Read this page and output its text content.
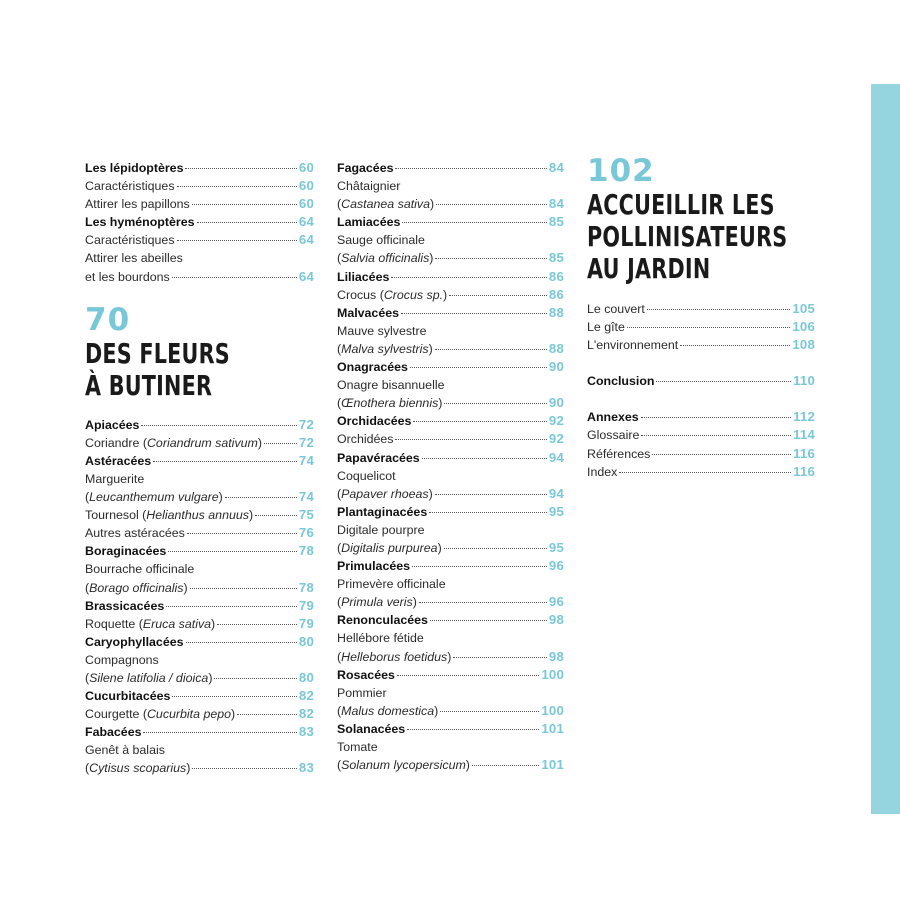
Les lépidoptères	60
Caractéristiques	60
Attirer les papillons	60
Les hyménoptères	64
Caractéristiques	64
Attirer les abeilles
et les bourdons	64
70
DES FLEURS
À BUTINER
Apiacées	72
Coriandre (Coriandrum sativum)	72
Astéracées	74
Marguerite
(Leucanthemum vulgare)	74
Tournesol (Helianthus annuus)	75
Autres astéracées	76
Boraginacées	78
Bourrache officinale
(Borago officinalis)	78
Brassicacées	79
Roquette (Eruca sativa)	79
Caryophyllacées	80
Compagnons
(Silene latifolia / dioica)	80
Cucurbitacées	82
Courgette (Cucurbita pepo)	82
Fabacées	83
Genêt à balais
(Cytisus scoparius)	83
Fagacées	84
Châtaignier
(Castanea sativa)	84
Lamiacées	85
Sauge officinale
(Salvia officinalis)	85
Liliacées	86
Crocus (Crocus sp.)	86
Malvacées	88
Mauve sylvestre
(Malva sylvestris)	88
Onagracées	90
Onagre bisannuelle
(Œnothera biennis)	90
Orchidacées	92
Orchidées	92
Papavéracées	94
Coquelicot
(Papaver rhoeas)	94
Plantaginacées	95
Digitale pourpre
(Digitalis purpurea)	95
Primulacées	96
Primevère officinale
(Primula veris)	96
Renonculacées	98
Hellébore fétide
(Helleborus foetidus)	98
Rosacées	100
Pommier
(Malus domestica)	100
Solanacées	101
Tomate
(Solanum lycopersicum)	101
102
ACCUEILLIR LES
POLLINISATEURS
AU JARDIN
Le couvert	105
Le gîte	106
L'environnement	108
Conclusion	110
Annexes	112
Glossaire	114
Références	116
Index	116
